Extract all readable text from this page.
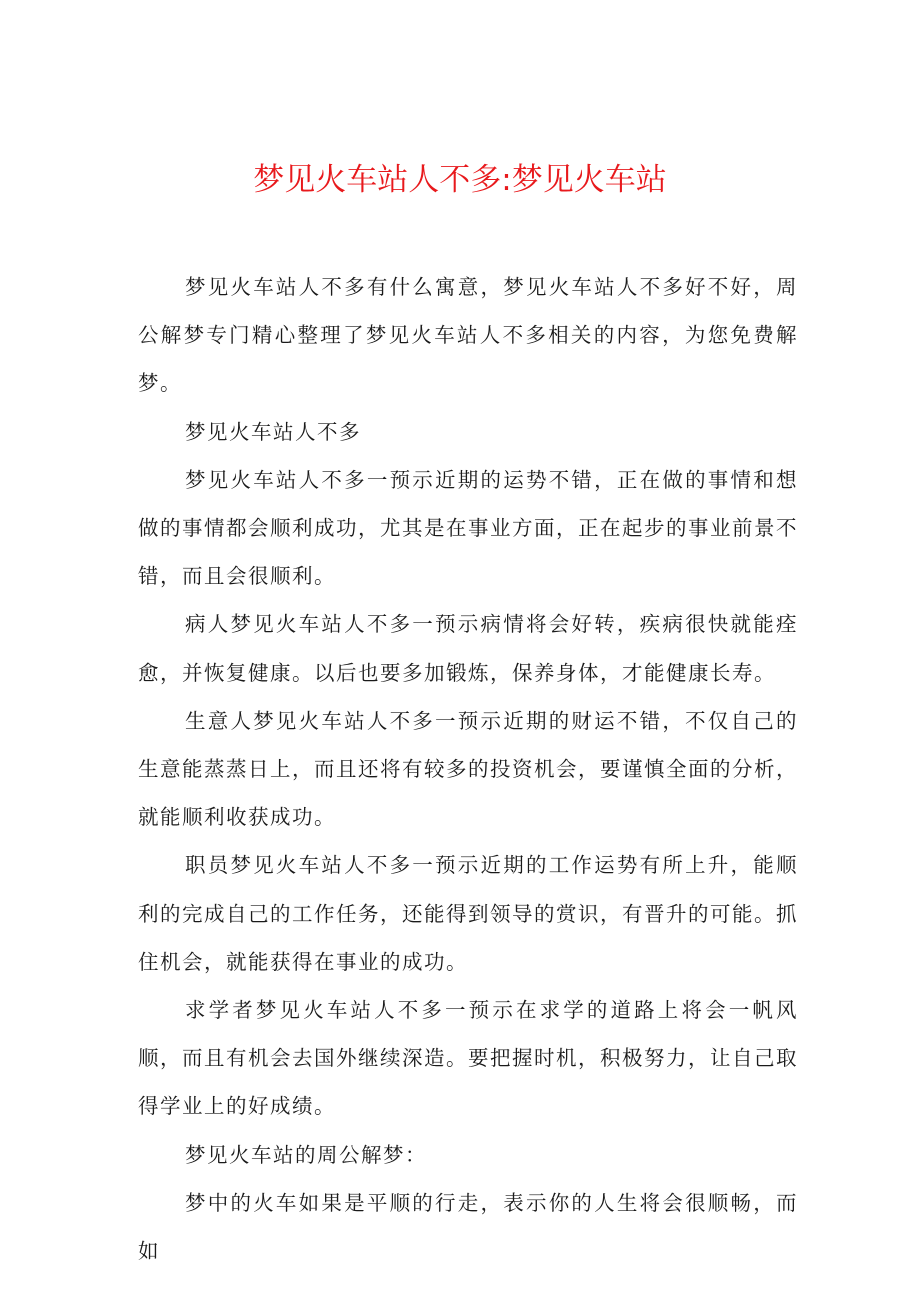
梦见火车站人不多:梦见火车站

梦见火车站人不多有什么寓意，梦见火车站人不多好不好，周公解梦专门精心整理了梦见火车站人不多相关的内容，为您免费解梦。

梦见火车站人不多

梦见火车站人不多一预示近期的运势不错，正在做的事情和想做的事情都会顺利成功，尤其是在事业方面，正在起步的事业前景不错，而且会很顺利。

病人梦见火车站人不多一预示病情将会好转，疾病很快就能痊愈，并恢复健康。以后也要多加锻炼，保养身体，才能健康长寿。

生意人梦见火车站人不多一预示近期的财运不错，不仅自己的生意能蒸蒸日上，而且还将有较多的投资机会，要谨慎全面的分析，就能顺利收获成功。

职员梦见火车站人不多一预示近期的工作运势有所上升，能顺利的完成自己的工作任务，还能得到领导的赏识，有晋升的可能。抓住机会，就能获得在事业的成功。

求学者梦见火车站人不多一预示在求学的道路上将会一帆风顺，而且有机会去国外继续深造。要把握时机，积极努力，让自己取得学业上的好成绩。

梦见火车站的周公解梦：

梦中的火车如果是平顺的行走，表示你的人生将会很顺畅，而如
